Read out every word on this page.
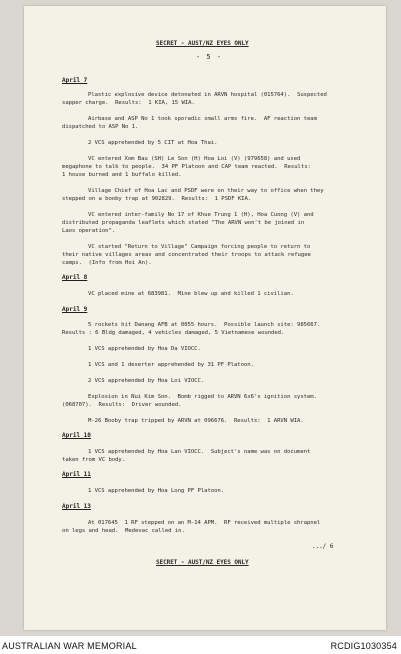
SECRET - AUST/NZ EYES ONLY
- 5 -
April 7
Plastic explosive device detonated in ARVN hospital (015764).  Suspected
sapper charge.  Results:  1 KIA, 15 WIA.
Airbase and ASP No 1 took sporadic small arms fire.  AF reaction team
dispatched to ASP No 1.
2 VCS apprehended by 5 CIT at Hoa Thai.
VC entered Xom Bau (SH) Le Son (H) Hoa Loi (V) (979658) and used
megaphone to talk to people.  34 PF Platoon and CAP team reacted.  Results:
1 house burned and 1 buffalo killed.
Village Chief of Hoa Lac and PSDF were on their way to office when they
stepped on a booby trap at 902829.  Results:  1 PSDF KIA.
VC entered inter-family No 17 of Khue Trung 1 (H), Hoa Cuong (V) and
distributed propaganda leaflets which stated "The ARVN won't be joined in
Laos operation".
VC started "Return to Village" Campaign forcing people to return to
their native villages areas and concentrated their troops to attack refugee
camps.  (Info from Hoi An).
April 8
VC placed mine at 683981.  Mine blew up and killed 1 civilian.
April 9
5 rockets hit Danang AFB at 0055 hours.  Possible launch site: 985667.
Results : 6 Bldg damaged, 4 vehicles damaged, 5 Vietnamese wounded.
1 VCS apprehended by Hoa Da VIOCC.
1 VCS and 1 deserter apprehended by 31 PF Platoon.
2 VCS apprehended by Hoa Loi VIOCC.
Explosion in Nui Kim Son.  Bomb rigged to ARVN 6x6's ignition system.
(068707).  Results:  Driver wounded.
M-26 Booby trap tripped by ARVN at 096676.  Results:  1 ARVN WIA.
April 10
1 VCS apprehended by Hoa Lan VIOCC.  Subject's name was on document
taken from VC body.
April 11
1 VCS apprehended by Hoa Long PF Platoon.
April 13
At 017645  1 RF stepped on an M-14 APM.  RF received multiple shrapnel
on legs and head.  Medevac called in.
.../ 6
SECRET - AUST/NZ EYES ONLY
AUSTRALIAN WAR MEMORIAL	RCDIG1030354
